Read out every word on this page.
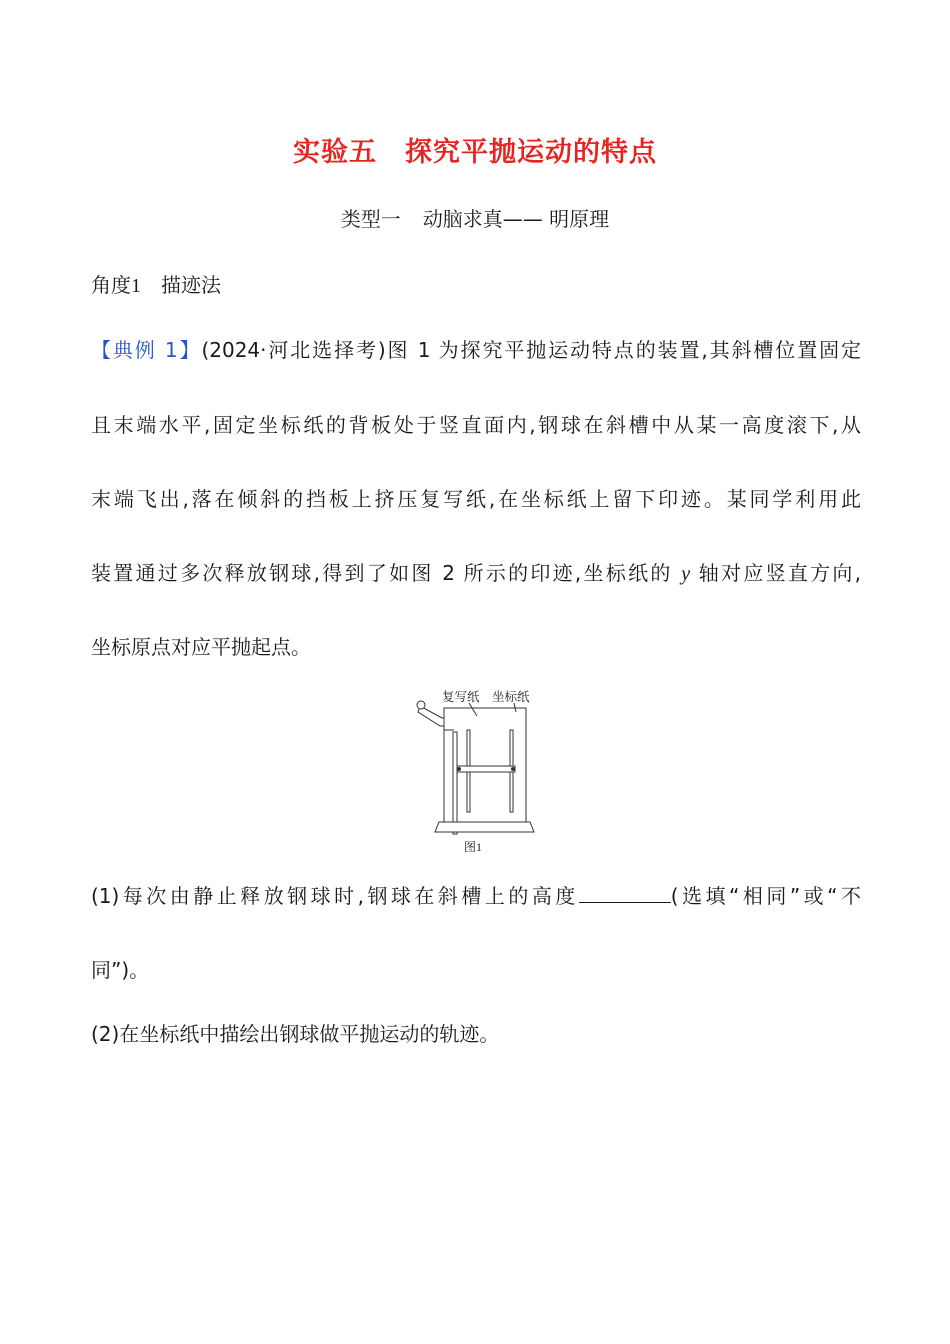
实验五 探究平抛运动的特点
类型一 动脑求真—— 明原理
角度1 描迹法
【典例 1】(2024·河北选择考)图 1 为探究平抛运动特点的装置,其斜槽位置固定
且末端水平,固定坐标纸的背板处于竖直面内,钢球在斜槽中从某一高度滚下,从
末端飞出,落在倾斜的挡板上挤压复写纸,在坐标纸上留下印迹。某同学利用此
装置通过多次释放钢球,得到了如图 2 所示的印迹,坐标纸的 y 轴对应竖直方向,
坐标原点对应平抛起点。
复写纸 坐标纸
图1
(1)每次由静止释放钢球时,钢球在斜槽上的高度	(选填“相同”或“不
同”)。
(2)在坐标纸中描绘出钢球做平抛运动的轨迹。
